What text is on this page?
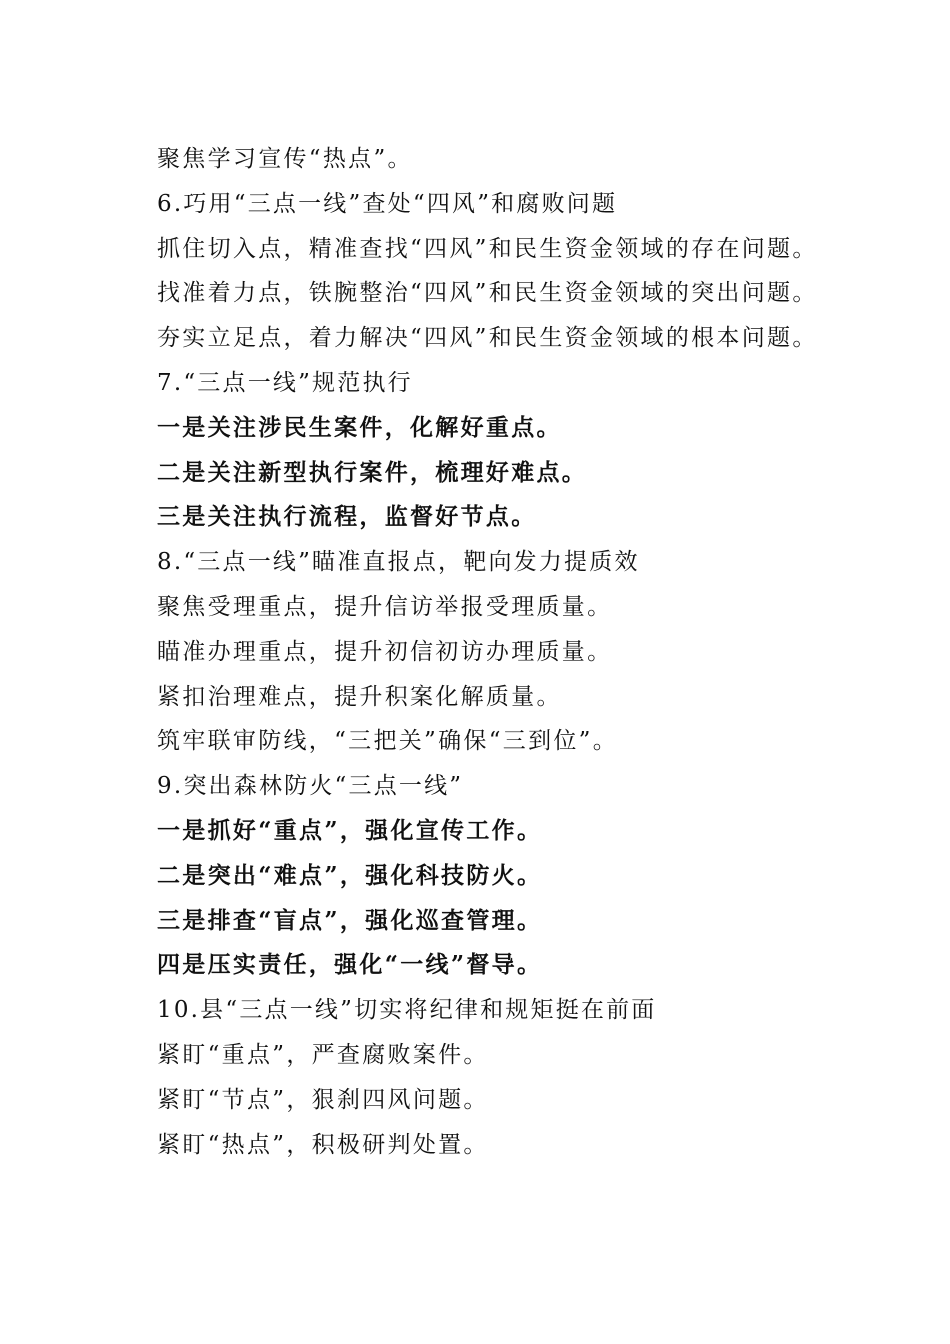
聚焦学习宣传“热点”。
6.巧用“三点一线”查处“四风”和腐败问题
抓住切入点，精准查找“四风”和民生资金领域的存在问题。
找准着力点，铁腕整治“四风”和民生资金领域的突出问题。
夯实立足点，着力解决“四风”和民生资金领域的根本问题。
7.“三点一线”规范执行
一是关注涉民生案件，化解好重点。
二是关注新型执行案件，梳理好难点。
三是关注执行流程，监督好节点。
8.“三点一线”瞄准直报点，靶向发力提质效
聚焦受理重点，提升信访举报受理质量。
瞄准办理重点，提升初信初访办理质量。
紧扣治理难点，提升积案化解质量。
筑牢联审防线，“三把关”确保“三到位”。
9.突出森林防火“三点一线”
一是抓好“重点”，强化宣传工作。
二是突出“难点”，强化科技防火。
三是排查“盲点”，强化巡查管理。
四是压实责任，强化“一线”督导。
10.县“三点一线”切实将纪律和规矩挺在前面
紧盯“重点”，严查腐败案件。
紧盯“节点”，狠刹四风问题。
紧盯“热点”，积极研判处置。
